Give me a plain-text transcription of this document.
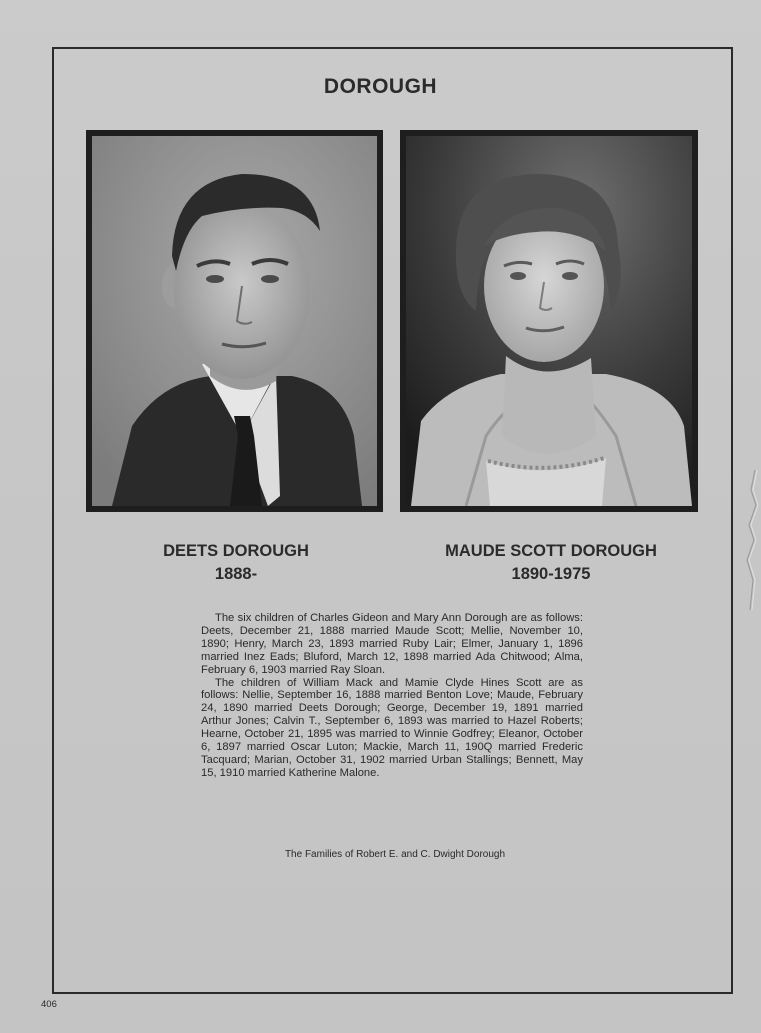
DOROUGH
DEETS DOROUGH
1888-
MAUDE SCOTT DOROUGH
1890-1975

The six children of Charles Gideon and Mary Ann Dorough are as follows: Deets, December 21, 1888 married Maude Scott; Mellie, November 10, 1890; Henry, March 23, 1893 married Ruby Lair; Elmer, January 1, 1896 married Inez Eads; Bluford, March 12, 1898 married Ada Chitwood; Alma, February 6, 1903 married Ray Sloan.

The children of William Mack and Mamie Clyde Hines Scott are as follows: Nellie, September 16, 1888 married Benton Love; Maude, February 24, 1890 married Deets Dorough; George, December 19, 1891 married Arthur Jones; Calvin T., September 6, 1893 was married to Hazel Roberts; Hearne, October 21, 1895 was married to Winnie Godfrey; Eleanor, October 6, 1897 married Oscar Luton; Mackie, March 11, 190Q married Frederic Tacquard; Marian, October 31, 1902 married Urban Stallings; Bennett, May 15, 1910 married Katherine Malone.

The Families of Robert E. and C. Dwight Dorough
406
